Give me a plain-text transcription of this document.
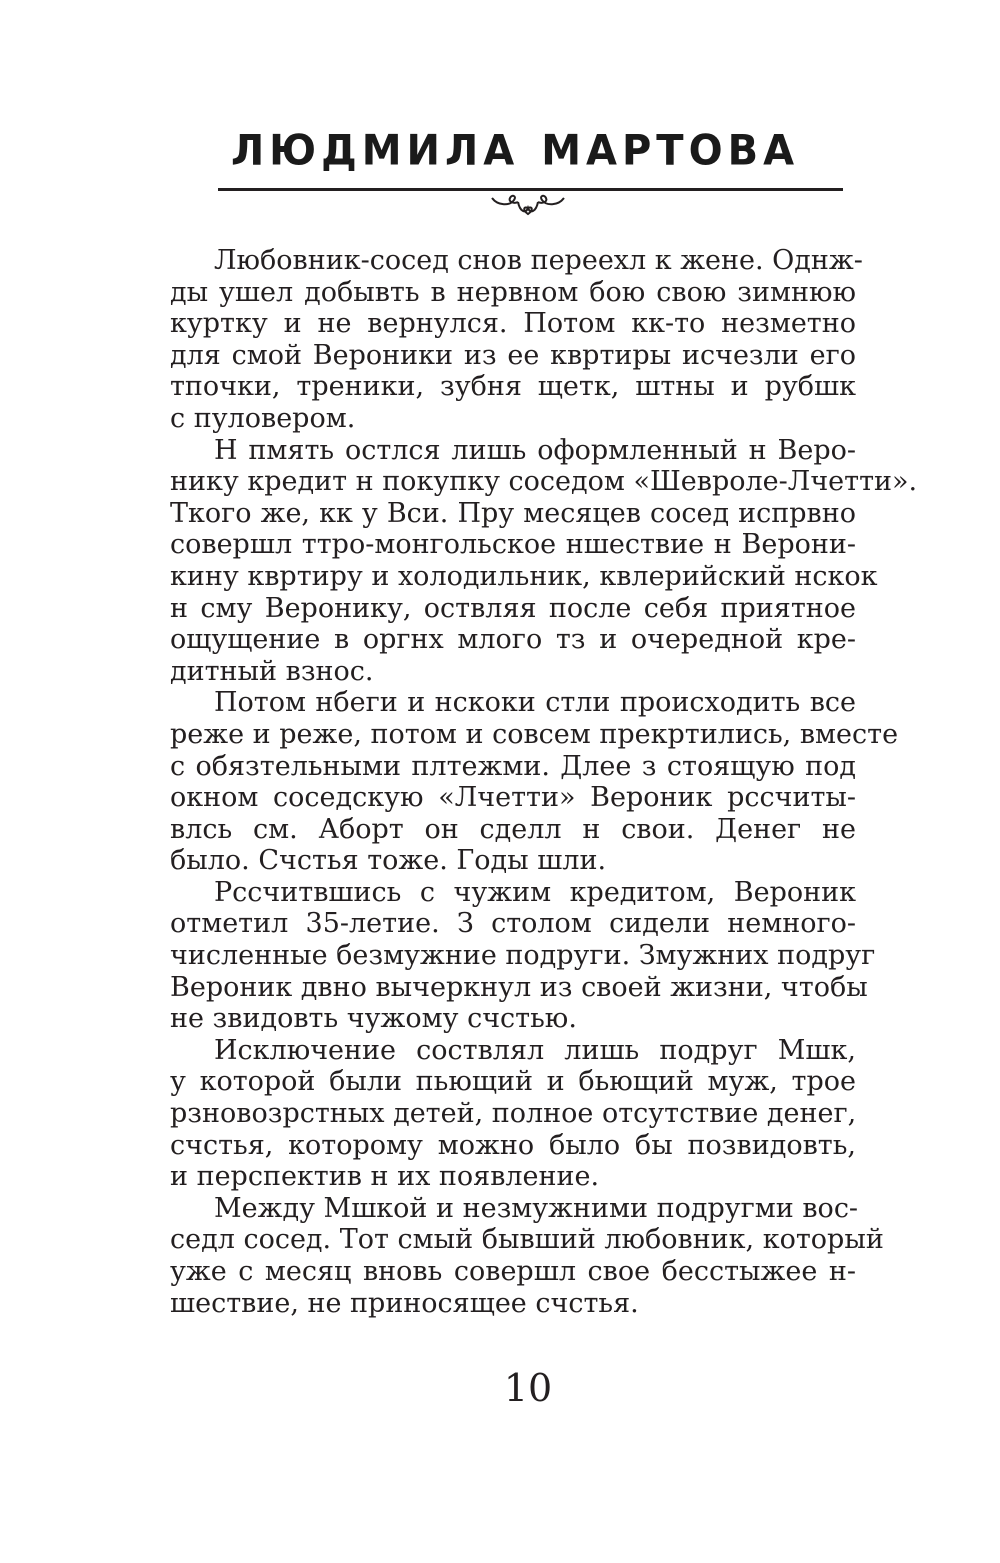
ЛЮДМИЛА МАРТОВА
Любовник-сосед снов переехл к жене. Однж-
ды ушел добывть в нервном бою свою зимнюю
куртку и не вернулся. Потом кк-то незметно
для смой Вероники из ее квртиры исчезли его
тпочки, треники, зубня щетк, штны и рубшк
с пуловером.
Н пмять остлся лишь оформленный н Веро-
нику кредит н покупку соседом «Шевроле-Лчетти».
Ткого же, кк у Вси. Пру месяцев сосед испрвно
совершл ттро-монгольское ншествие н Верони-
кину квртиру и холодильник, квлерийский нскок
н сму Веронику, оствляя после себя приятное
ощущение в оргнх млого тз и очередной кре-
дитный взнос.
Потом нбеги и нскоки стли происходить все
реже и реже, потом и совсем прекртились, вместе
с обязтельными плтежми. Длее з стоящую под
окном соседскую «Лчетти» Вероник рссчиты-
влсь см. Аборт он сделл н свои. Денег не
было. Счстья тоже. Годы шли.
Рссчитвшись с чужим кредитом, Вероник
отметил 35-летие. З столом сидели немного-
численные безмужние подруги. Змужних подруг
Вероник двно вычеркнул из своей жизни, чтобы
не звидовть чужому счстью.
Исключение соствлял лишь подруг Мшк,
у которой были пьющий и бьющий муж, трое
рзновозрстных детей, полное отсутствие денег,
счстья, которому можно было бы позвидовть,
и перспектив н их появление.
Между Мшкой и незмужними подругми вос-
седл сосед. Тот смый бывший любовник, который
уже с месяц вновь совершл свое бесстыжее н-
шествие, не приносящее счстья.
10
